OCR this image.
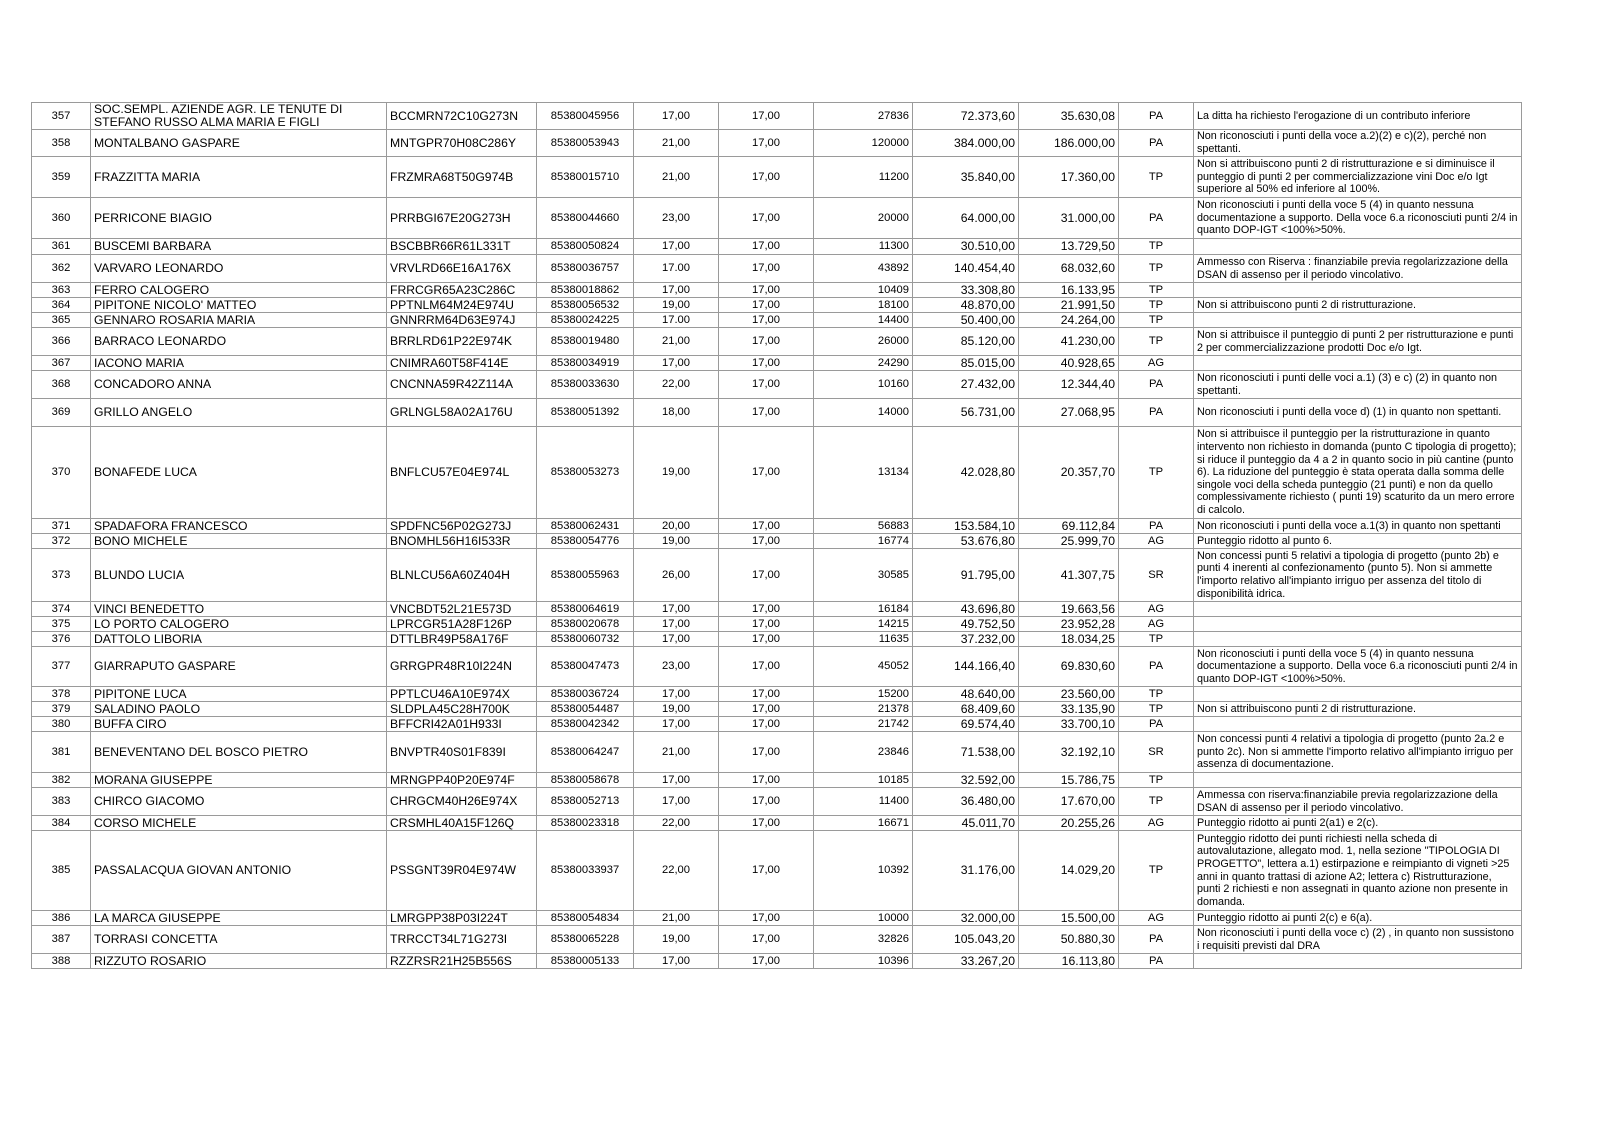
357	SOC.SEMPL. AZIENDE AGR. LE TENUTE DI STEFANO RUSSO ALMA MARIA E FIGLI	BCCMRN72C10G273N	85380045956	17,00	17,00	27836	72.373,60	35.630,08	PA	La ditta ha richiesto l'erogazione di un contributo inferiore
358	MONTALBANO GASPARE	MNTGPR70H08C286Y	85380053943	21,00	17,00	120000	384.000,00	186.000,00	PA	Non riconosciuti i punti della voce a.2)(2) e c)(2), perché non spettanti.
359	FRAZZITTA MARIA	FRZMRA68T50G974B	85380015710	21,00	17,00	11200	35.840,00	17.360,00	TP	Non si attribuiscono punti 2 di ristrutturazione e si diminuisce il punteggio di punti 2 per commercializzazione vini Doc e/o Igt superiore al 50% ed inferiore al 100%.
360	PERRICONE BIAGIO	PRRBGI67E20G273H	85380044660	23,00	17,00	20000	64.000,00	31.000,00	PA	Non riconosciuti i punti della voce 5 (4) in quanto nessuna documentazione a supporto. Della voce 6.a riconosciuti punti 2/4 in quanto DOP-IGT <100%>50%.
361	BUSCEMI BARBARA	BSCBBR66R61L331T	85380050824	17,00	17,00	11300	30.510,00	13.729,50	TP	
362	VARVARO LEONARDO	VRVLRD66E16A176X	85380036757	17.00	17,00	43892	140.454,40	68.032,60	TP	Ammesso con Riserva : finanziabile previa regolarizzazione della DSAN di assenso per il periodo vincolativo.
363	FERRO CALOGERO	FRRCGR65A23C286C	85380018862	17,00	17,00	10409	33.308,80	16.133,95	TP	
364	PIPITONE NICOLO' MATTEO	PPTNLM64M24E974U	85380056532	19,00	17,00	18100	48.870,00	21.991,50	TP	Non si attribuiscono punti 2 di ristrutturazione.
365	GENNARO ROSARIA MARIA	GNNRRM64D63E974J	85380024225	17.00	17,00	14400	50.400,00	24.264,00	TP	
366	BARRACO LEONARDO	BRRLRD61P22E974K	85380019480	21,00	17,00	26000	85.120,00	41.230,00	TP	Non si attribuisce il punteggio di punti 2 per ristrutturazione e punti 2 per commercializzazione prodotti Doc e/o Igt.
367	IACONO MARIA	CNIMRA60T58F414E	85380034919	17,00	17,00	24290	85.015,00	40.928,65	AG	
368	CONCADORO ANNA	CNCNNA59R42Z114A	85380033630	22,00	17,00	10160	27.432,00	12.344,40	PA	Non riconosciuti i punti delle voci a.1) (3) e c) (2) in quanto non spettanti.
369	GRILLO ANGELO	GRLNGL58A02A176U	85380051392	18,00	17,00	14000	56.731,00	27.068,95	PA	Non riconosciuti i punti della voce d) (1) in quanto non spettanti.
370	BONAFEDE LUCA	BNFLCU57E04E974L	85380053273	19,00	17,00	13134	42.028,80	20.357,70	TP	Non si attribuisce il punteggio per la ristrutturazione in quanto intervento non richiesto in domanda (punto C tipologia di progetto); si riduce il punteggio da 4 a 2 in quanto socio in più cantine (punto 6). La riduzione del punteggio è stata operata dalla somma delle singole voci della scheda punteggio (21 punti) e non da quello complessivamente richiesto ( punti 19) scaturito da un mero errore di calcolo.
371	SPADAFORA FRANCESCO	SPDFNC56P02G273J	85380062431	20,00	17,00	56883	153.584,10	69.112,84	PA	Non riconosciuti i punti della voce a.1(3) in quanto non spettanti
372	BONO MICHELE	BNOMHL56H16I533R	85380054776	19,00	17,00	16774	53.676,80	25.999,70	AG	Punteggio ridotto al punto 6.
373	BLUNDO LUCIA	BLNLCU56A60Z404H	85380055963	26,00	17,00	30585	91.795,00	41.307,75	SR	Non concessi punti 5 relativi a tipologia di progetto (punto 2b) e punti 4 inerenti al confezionamento (punto 5). Non si ammette l'importo relativo all'impianto irriguo per assenza del titolo di disponibilità idrica.
374	VINCI BENEDETTO	VNCBDT52L21E573D	85380064619	17,00	17,00	16184	43.696,80	19.663,56	AG	
375	LO PORTO CALOGERO	LPRCGR51A28F126P	85380020678	17,00	17,00	14215	49.752,50	23.952,28	AG	
376	DATTOLO LIBORIA	DTTLBR49P58A176F	85380060732	17,00	17,00	11635	37.232,00	18.034,25	TP	
377	GIARRAPUTO GASPARE	GRRGPR48R10I224N	85380047473	23,00	17,00	45052	144.166,40	69.830,60	PA	Non riconosciuti i punti della voce 5 (4) in quanto nessuna documentazione a supporto. Della voce 6.a riconosciuti punti 2/4 in quanto DOP-IGT <100%>50%.
378	PIPITONE LUCA	PPTLCU46A10E974X	85380036724	17,00	17,00	15200	48.640,00	23.560,00	TP	
379	SALADINO PAOLO	SLDPLA45C28H700K	85380054487	19,00	17,00	21378	68.409,60	33.135,90	TP	Non si attribuiscono punti 2 di ristrutturazione.
380	BUFFA CIRO	BFFCRI42A01H933I	85380042342	17,00	17,00	21742	69.574,40	33.700,10	PA	
381	BENEVENTANO DEL BOSCO PIETRO	BNVPTR40S01F839I	85380064247	21,00	17,00	23846	71.538,00	32.192,10	SR	Non concessi punti 4 relativi a tipologia di progetto (punto 2a.2 e punto 2c). Non si ammette l'importo relativo all'impianto irriguo per assenza di documentazione.
382	MORANA GIUSEPPE	MRNGPP40P20E974F	85380058678	17,00	17,00	10185	32.592,00	15.786,75	TP	
383	CHIRCO GIACOMO	CHRGCM40H26E974X	85380052713	17,00	17,00	11400	36.480,00	17.670,00	TP	Ammessa con riserva:finanziabile previa regolarizzazione della DSAN di assenso per il periodo vincolativo.
384	CORSO MICHELE	CRSMHL40A15F126Q	85380023318	22,00	17,00	16671	45.011,70	20.255,26	AG	Punteggio ridotto ai punti 2(a1) e 2(c).
385	PASSALACQUA GIOVAN ANTONIO	PSSGNT39R04E974W	85380033937	22,00	17,00	10392	31.176,00	14.029,20	TP	Punteggio ridotto dei punti richiesti nella scheda di autovalutazione, allegato mod. 1, nella sezione "TIPOLOGIA DI PROGETTO", lettera a.1) estirpazione e reimpianto di vigneti >25 anni in quanto trattasi di azione A2; lettera c) Ristrutturazione, punti 2 richiesti e non assegnati in quanto azione non presente in domanda.
386	LA MARCA GIUSEPPE	LMRGPP38P03I224T	85380054834	21,00	17,00	10000	32.000,00	15.500,00	AG	Punteggio ridotto ai punti 2(c) e 6(a).
387	TORRASI CONCETTA	TRRCCT34L71G273I	85380065228	19,00	17,00	32826	105.043,20	50.880,30	PA	Non riconosciuti i punti della voce c) (2) , in quanto non sussistono i requisiti previsti dal DRA
388	RIZZUTO ROSARIO	RZZRSR21H25B556S	85380005133	17,00	17,00	10396	33.267,20	16.113,80	PA	
